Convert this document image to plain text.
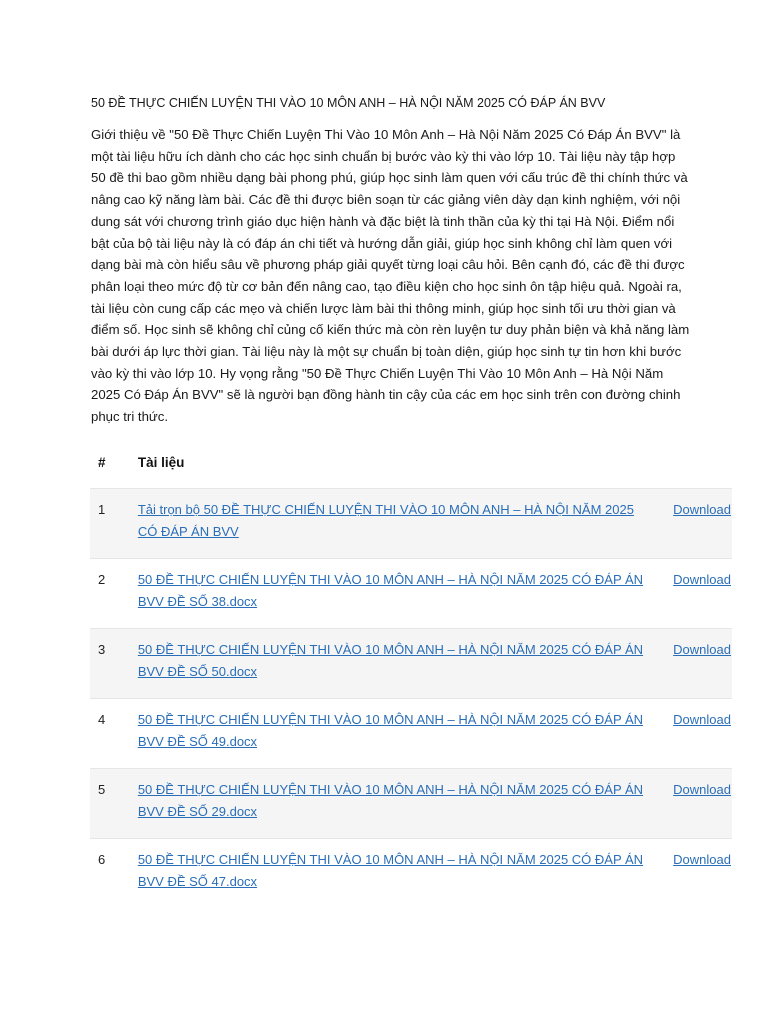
50 ĐỀ THỰC CHIẾN LUYỆN THI VÀO 10 MÔN ANH – HÀ NỘI NĂM 2025 CÓ ĐÁP ÁN BVV
Giới thiệu về "50 Đề Thực Chiến Luyện Thi Vào 10 Môn Anh – Hà Nội Năm 2025 Có Đáp Án BVV" là một tài liệu hữu ích dành cho các học sinh chuẩn bị bước vào kỳ thi vào lớp 10. Tài liệu này tập hợp 50 đề thi bao gồm nhiều dạng bài phong phú, giúp học sinh làm quen với cấu trúc đề thi chính thức và nâng cao kỹ năng làm bài. Các đề thi được biên soạn từ các giảng viên dày dạn kinh nghiệm, với nội dung sát với chương trình giáo dục hiện hành và đặc biệt là tinh thần của kỳ thi tại Hà Nội. Điểm nổi bật của bộ tài liệu này là có đáp án chi tiết và hướng dẫn giải, giúp học sinh không chỉ làm quen với dạng bài mà còn hiểu sâu về phương pháp giải quyết từng loại câu hỏi. Bên cạnh đó, các đề thi được phân loại theo mức độ từ cơ bản đến nâng cao, tạo điều kiện cho học sinh ôn tập hiệu quả. Ngoài ra, tài liệu còn cung cấp các mẹo và chiến lược làm bài thi thông minh, giúp học sinh tối ưu thời gian và điểm số. Học sinh sẽ không chỉ củng cố kiến thức mà còn rèn luyện tư duy phản biện và khả năng làm bài dưới áp lực thời gian. Tài liệu này là một sự chuẩn bị toàn diện, giúp học sinh tự tin hơn khi bước vào kỳ thi vào lớp 10. Hy vọng rằng "50 Đề Thực Chiến Luyện Thi Vào 10 Môn Anh – Hà Nội Năm 2025 Có Đáp Án BVV" sẽ là người bạn đồng hành tin cậy của các em học sinh trên con đường chinh phục tri thức.
#	Tài liệu	
1	Tải trọn bộ 50 ĐỀ THỰC CHIẾN LUYỆN THI VÀO 10 MÔN ANH – HÀ NỘI NĂM 2025 CÓ ĐÁP ÁN BVV	Download
2	50 ĐỀ THỰC CHIẾN LUYỆN THI VÀO 10 MÔN ANH – HÀ NỘI NĂM 2025 CÓ ĐÁP ÁN BVV ĐỀ SỐ 38.docx	Download
3	50 ĐỀ THỰC CHIẾN LUYỆN THI VÀO 10 MÔN ANH – HÀ NỘI NĂM 2025 CÓ ĐÁP ÁN BVV ĐỀ SỐ 50.docx	Download
4	50 ĐỀ THỰC CHIẾN LUYỆN THI VÀO 10 MÔN ANH – HÀ NỘI NĂM 2025 CÓ ĐÁP ÁN BVV ĐỀ SỐ 49.docx	Download
5	50 ĐỀ THỰC CHIẾN LUYỆN THI VÀO 10 MÔN ANH – HÀ NỘI NĂM 2025 CÓ ĐÁP ÁN BVV ĐỀ SỐ 29.docx	Download
6	50 ĐỀ THỰC CHIẾN LUYỆN THI VÀO 10 MÔN ANH – HÀ NỘI NĂM 2025 CÓ ĐÁP ÁN BVV ĐỀ SỐ 47.docx	Download
